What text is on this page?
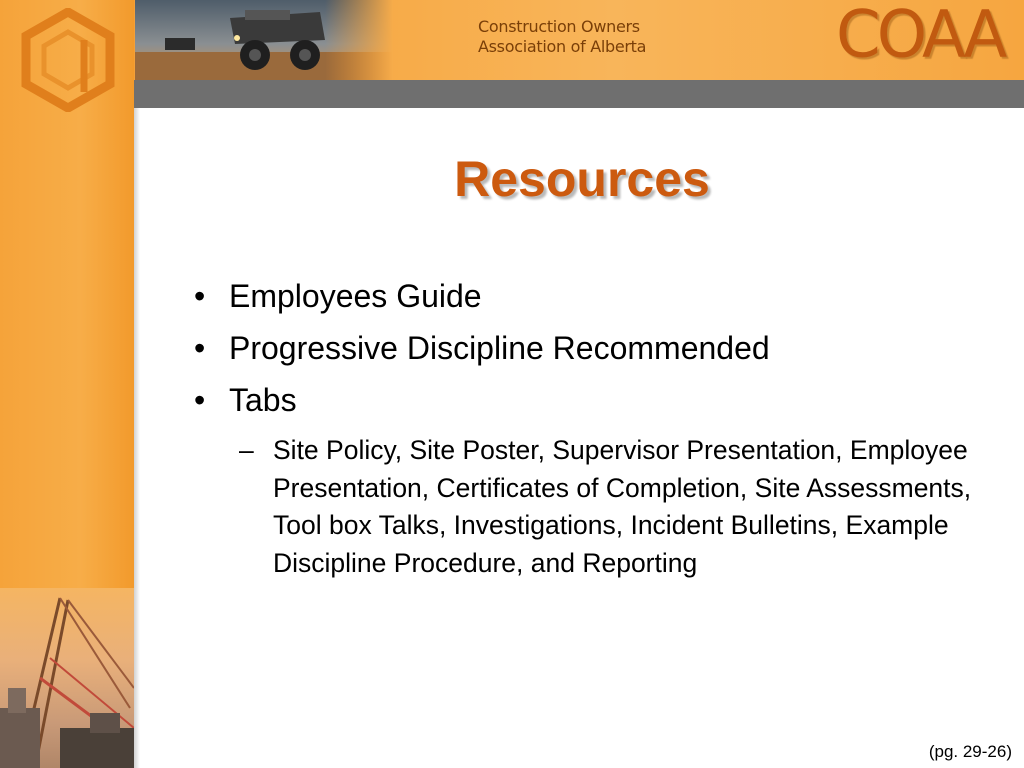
Construction Owners
Association of Alberta	COAA
Resources
• Employees Guide
• Progressive Discipline Recommended
• Tabs
– Site Policy, Site Poster, Supervisor Presentation, Employee Presentation, Certificates of Completion, Site Assessments, Tool box Talks, Investigations, Incident Bulletins, Example Discipline Procedure, and Reporting
(pg. 29-26)
